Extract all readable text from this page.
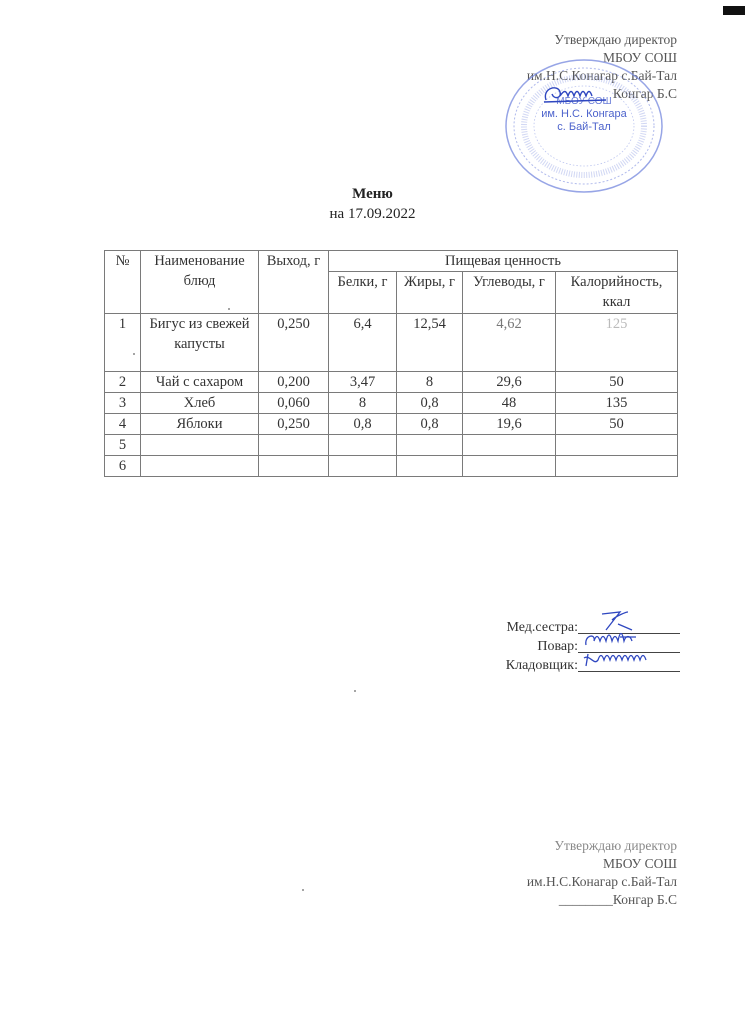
Утверждаю директор
МБОУ СОШ
им.Н.С.Конагар с.Бай-Тал
Конгар Б.С
МБОУ СОШ
им. Н.С. Конгара
с. Бай-Тал
Меню
на 17.09.2022
№	Наименование блюд	Выход, г	Пищевая ценность			
			Белки, г	Жиры, г	Углеводы, г	Калорийность, ккал
1	Бигус из свежей капусты	0,250	6,4	12,54	4,62	125
2	Чай с сахаром	0,200	3,47	8	29,6	50
3	Хлеб	0,060	8	0,8	48	135
4	Яблоки	0,250	0,8	0,8	19,6	50
5						
6						
Мед.сестра:
Повар:
Кладовщик:
Утверждаю директор
МБОУ СОШ
им.Н.С.Конагар с.Бай-Тал
________Конгар Б.С
